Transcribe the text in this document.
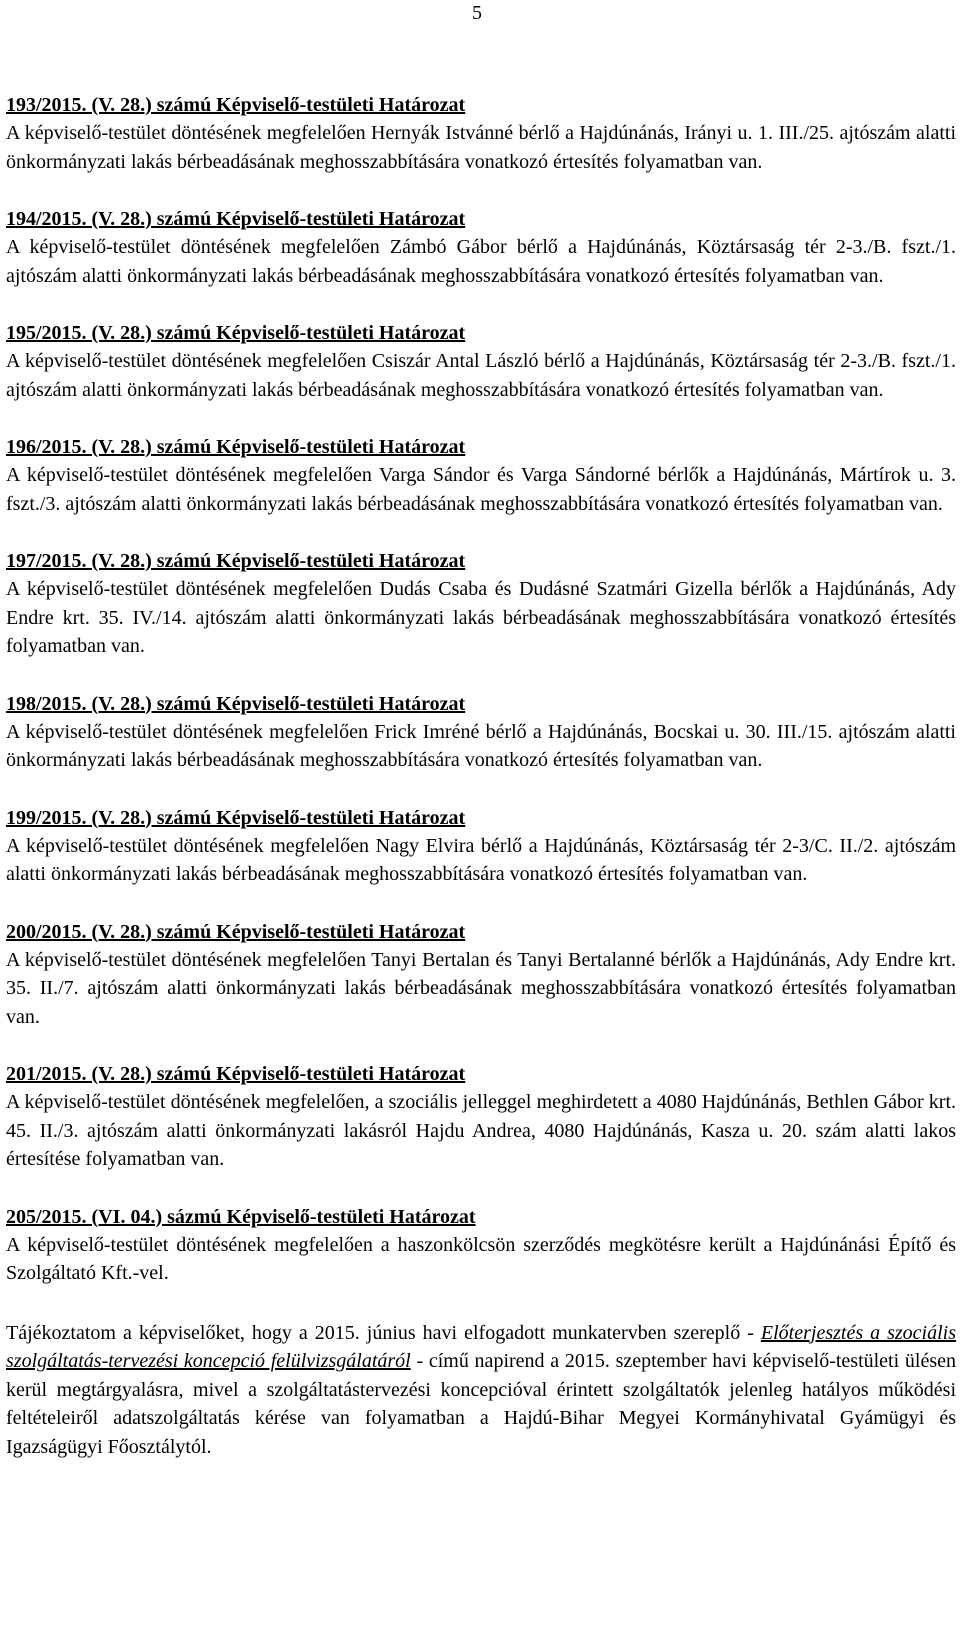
5
193/2015. (V. 28.) számú Képviselő-testületi Határozat

A képviselő-testület döntésének megfelelően Hernyák Istvánné bérlő a Hajdúnánás, Irányi u. 1. III./25. ajtószám alatti önkormányzati lakás bérbeadásának meghosszabbítására vonatkozó értesítés folyamatban van.

194/2015. (V. 28.) számú Képviselő-testületi Határozat

A képviselő-testület döntésének megfelelően Zámbó Gábor bérlő a Hajdúnánás, Köztársaság tér 2-3./B. fszt./1. ajtószám alatti önkormányzati lakás bérbeadásának meghosszabbítására vonatkozó értesítés folyamatban van.

195/2015. (V. 28.) számú Képviselő-testületi Határozat

A képviselő-testület döntésének megfelelően Csiszár Antal László bérlő a Hajdúnánás, Köztársaság tér 2-3./B. fszt./1. ajtószám alatti önkormányzati lakás bérbeadásának meghosszabbítására vonatkozó értesítés folyamatban van.

196/2015. (V. 28.) számú Képviselő-testületi Határozat

A képviselő-testület döntésének megfelelően Varga Sándor és Varga Sándorné bérlők a Hajdúnánás, Mártírok u. 3. fszt./3. ajtószám alatti önkormányzati lakás bérbeadásának meghosszabbítására vonatkozó értesítés folyamatban van.

197/2015. (V. 28.) számú Képviselő-testületi Határozat

A képviselő-testület döntésének megfelelően Dudás Csaba és Dudásné Szatmári Gizella bérlők a Hajdúnánás, Ady Endre krt. 35. IV./14. ajtószám alatti önkormányzati lakás bérbeadásának meghosszabbítására vonatkozó értesítés folyamatban van.

198/2015. (V. 28.) számú Képviselő-testületi Határozat

A képviselő-testület döntésének megfelelően Frick Imréné bérlő a Hajdúnánás, Bocskai u. 30. III./15. ajtószám alatti önkormányzati lakás bérbeadásának meghosszabbítására vonatkozó értesítés folyamatban van.

199/2015. (V. 28.) számú Képviselő-testületi Határozat

A képviselő-testület döntésének megfelelően Nagy Elvira bérlő a Hajdúnánás, Köztársaság tér 2-3/C. II./2. ajtószám alatti önkormányzati lakás bérbeadásának meghosszabbítására vonatkozó értesítés folyamatban van.

200/2015. (V. 28.) számú Képviselő-testületi Határozat

A képviselő-testület döntésének megfelelően Tanyi Bertalan és Tanyi Bertalanné bérlők a Hajdúnánás, Ady Endre krt. 35. II./7. ajtószám alatti önkormányzati lakás bérbeadásának meghosszabbítására vonatkozó értesítés folyamatban van.

201/2015. (V. 28.) számú Képviselő-testületi Határozat

A képviselő-testület döntésének megfelelően, a szociális jelleggel meghirdetett a 4080 Hajdúnánás, Bethlen Gábor krt. 45. II./3. ajtószám alatti önkormányzati lakásról Hajdu Andrea, 4080 Hajdúnánás, Kasza u. 20. szám alatti lakos értesítése folyamatban van.

205/2015. (VI. 04.) sázmú Képviselő-testületi Határozat

A képviselő-testület döntésének megfelelően a haszonkölcsön szerződés megkötésre került a Hajdúnánási Építő és Szolgáltató Kft.-vel.

Tájékoztatom a képviselőket, hogy a 2015. június havi elfogadott munkatervben szereplő - Előterjesztés a szociális szolgáltatás-tervezési koncepció felülvizsgálatáról - című napirend a 2015. szeptember havi képviselő-testületi ülésen kerül megtárgyalásra, mivel a szolgáltatástervezési koncepcióval érintett szolgáltatók jelenleg hatályos működési feltételeiről adatszolgáltatás kérése van folyamatban a Hajdú-Bihar Megyei Kormányhivatal Gyámügyi és Igazságügyi Főosztálytól.
